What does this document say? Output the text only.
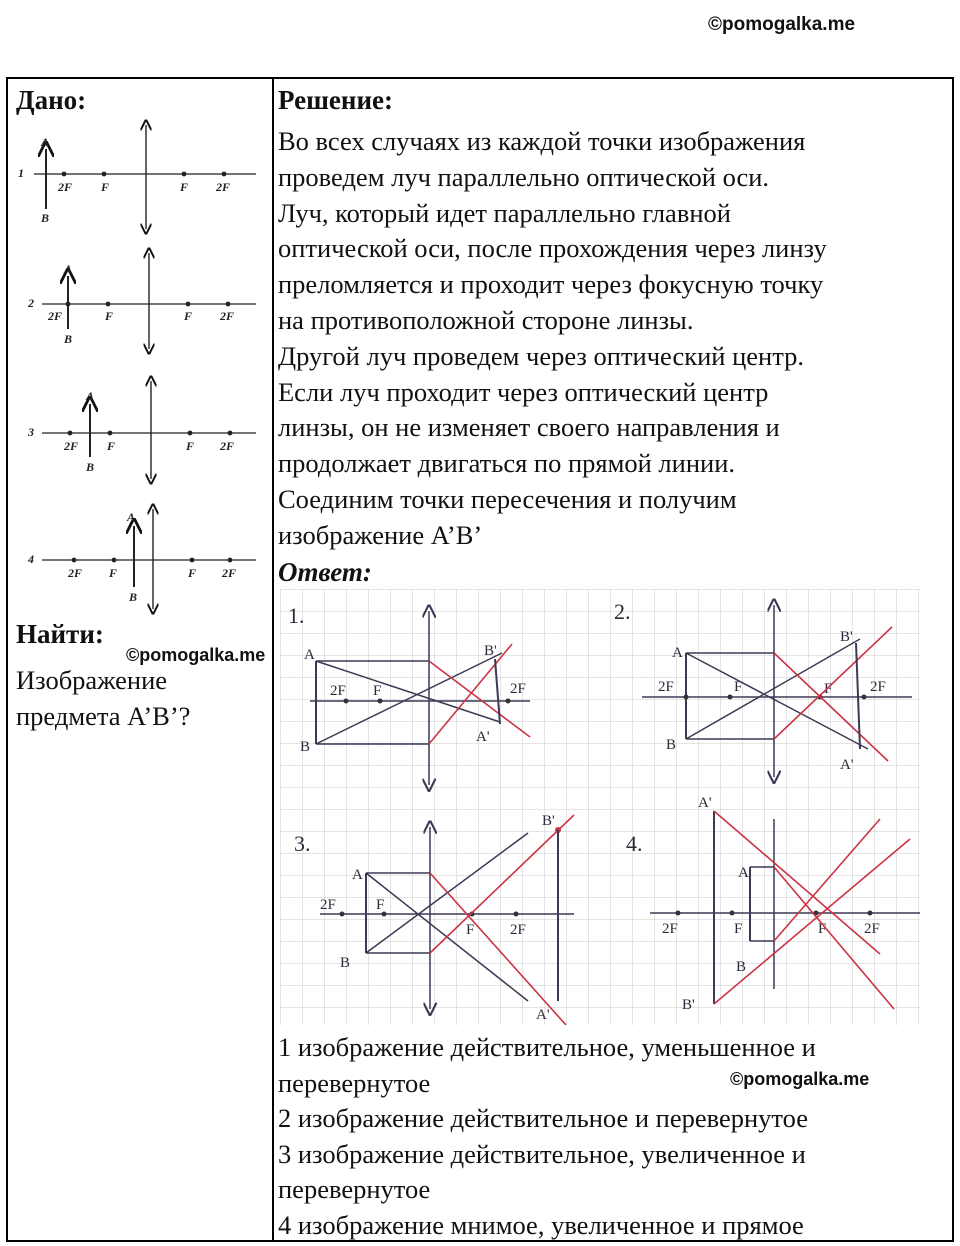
©pomogalka.me
Дано:
1
A
B
2F F	F 2F
2
A
B
2F	F	F 2F
3
A
B
2F F	F 2F
4
A
B
2F F	F 2F
Найти:
©pomogalka.me
Изображение
предмета A’B’?
Решение:
Во всех случаях из каждой точки изображения
проведем луч параллельно оптической оси.
Луч, который идет параллельно главной
оптической оси, после прохождения через линзу
преломляется и проходит через фокусную точку
на противоположной стороне линзы.
Другой луч проведем через оптический центр.
Если луч проходит через оптический центр
линзы, он не изменяет своего направления и
продолжает двигаться по прямой линии.
Соединим точки пересечения и получим
изображение A’B’
Ответ:
1.
A
B
2F F	2F
B'
A'
2.
A
B
2F	F	F	2F
B'
A'
3.
A
B
2F	F
F 2F
B'
A'
4.
A
B
2F	F	F	2F
A'
B'
1 изображение действительное, уменьшенное и
перевернутое
2 изображение действительное и перевернутое
3 изображение действительное, увеличенное и
перевернутое
4 изображение мнимое, увеличенное и прямое
©pomogalka.me
